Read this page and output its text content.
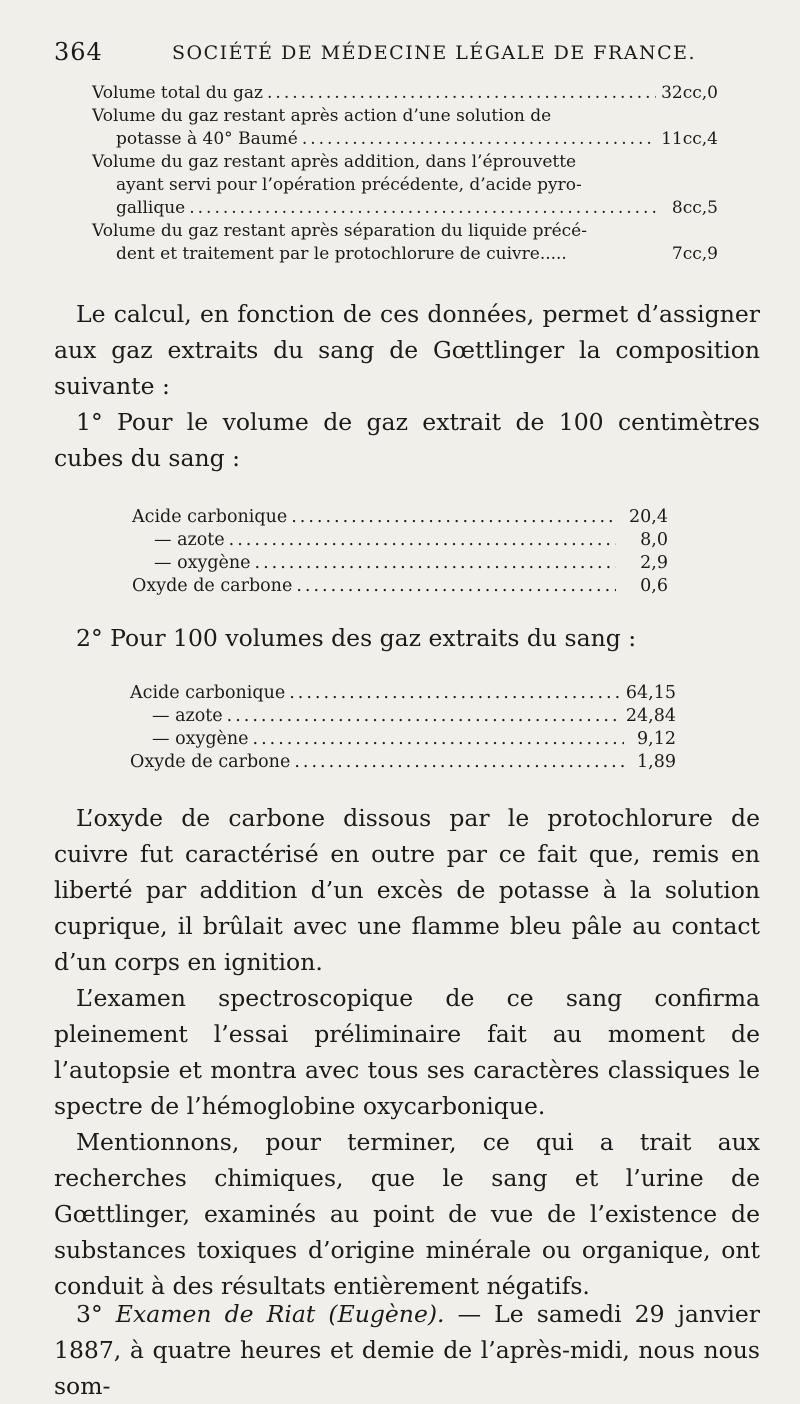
364	SOCIÉTÉ DE MÉDECINE LÉGALE DE FRANCE.
Volume total du gaz .....	32cc,0
Volume du gaz restant après action d’une solution de
potasse à 40° Baumé .....	11cc,4
Volume du gaz restant après addition, dans l’éprouvette
ayant servi pour l’opération précédente, d’acide pyro-
gallique .....	8cc,5
Volume du gaz restant après séparation du liquide précé-
dent et traitement par le protochlorure de cuivre.....	7cc,9
Le calcul, en fonction de ces données, permet d’assigner aux gaz extraits du sang de Gœttlinger la composition suivante :
1° Pour le volume de gaz extrait de 100 centimètres cubes du sang :
Acide carbonique .....	20,4
— azote .....	8,0
— oxygène .....	2,9
Oxyde de carbone .....	0,6
2° Pour 100 volumes des gaz extraits du sang :
Acide carbonique .....	64,15
— azote .....	24,84
— oxygène .....	9,12
Oxyde de carbone .....	1,89
L’oxyde de carbone dissous par le protochlorure de cuivre fut caractérisé en outre par ce fait que, remis en liberté par addition d’un excès de potasse à la solution cuprique, il brûlait avec une flamme bleu pâle au contact d’un corps en ignition.
L’examen spectroscopique de ce sang confirma pleinement l’essai préliminaire fait au moment de l’autopsie et montra avec tous ses caractères classiques le spectre de l’hémoglobine oxycarbonique.
Mentionnons, pour terminer, ce qui a trait aux recherches chimiques, que le sang et l’urine de Gœttlinger, examinés au point de vue de l’existence de substances toxiques d’origine minérale ou organique, ont conduit à des résultats entièrement négatifs.
3° Examen de Riat (Eugène). — Le samedi 29 janvier 1887, à quatre heures et demie de l’après-midi, nous nous som-
